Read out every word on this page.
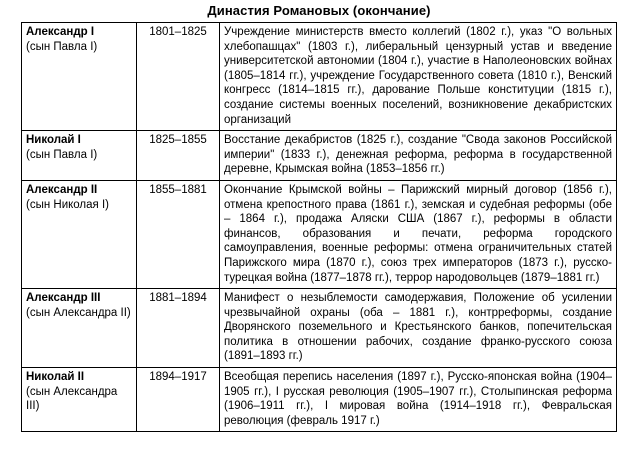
Династия Романовых (окончание)
Александр I
(сын Павла I)	1801–1825	Учреждение министерств вместо коллегий (1802 г.), указ "О вольных хлебопашцах" (1803 г.), либеральный цензурный устав и введение университетской автономии (1804 г.), участие в Наполеоновских войнах (1805–1814 гг.), учреждение Государственного совета (1810 г.), Венский конгресс (1814–1815 гг.), дарование Польше конституции (1815 г.), создание системы военных поселений, возникновение декабристских организаций

Николай I
(сын Павла I)	1825–1855	Восстание декабристов (1825 г.), создание "Свода законов Российской империи" (1833 г.), денежная реформа, реформа в государственной деревне, Крымская война (1853–1856 гг.)

Александр II
(сын Николая I)	1855–1881	Окончание Крымской войны – Парижский мирный договор (1856 г.), отмена крепостного права (1861 г.), земская и судебная реформы (обе – 1864 г.), продажа Аляски США (1867 г.), реформы в области финансов, образования и печати, реформа городского самоуправления, военные реформы: отмена ограничительных статей Парижского мира (1870 г.), союз трех императоров (1873 г.), русско-турецкая война (1877–1878 гг.), террор народовольцев (1879–1881 гг.)

Александр III
(сын Александра II)	1881–1894	Манифест о незыблемости самодержавия, Положение об усилении чрезвычайной охраны (оба – 1881 г.), контрреформы, создание Дворянского поземельного и Крестьянского банков, попечительская политика в отношении рабочих, создание франко-русского союза (1891–1893 гг.)

Николай II
(сын Александра III)	1894–1917	Всеобщая перепись населения (1897 г.), Русско-японская война (1904–1905 гг.), I русская революция (1905–1907 гг.), Столыпинская реформа (1906–1911 гг.), I мировая война (1914–1918 гг.), Февральская революция (февраль 1917 г.)
